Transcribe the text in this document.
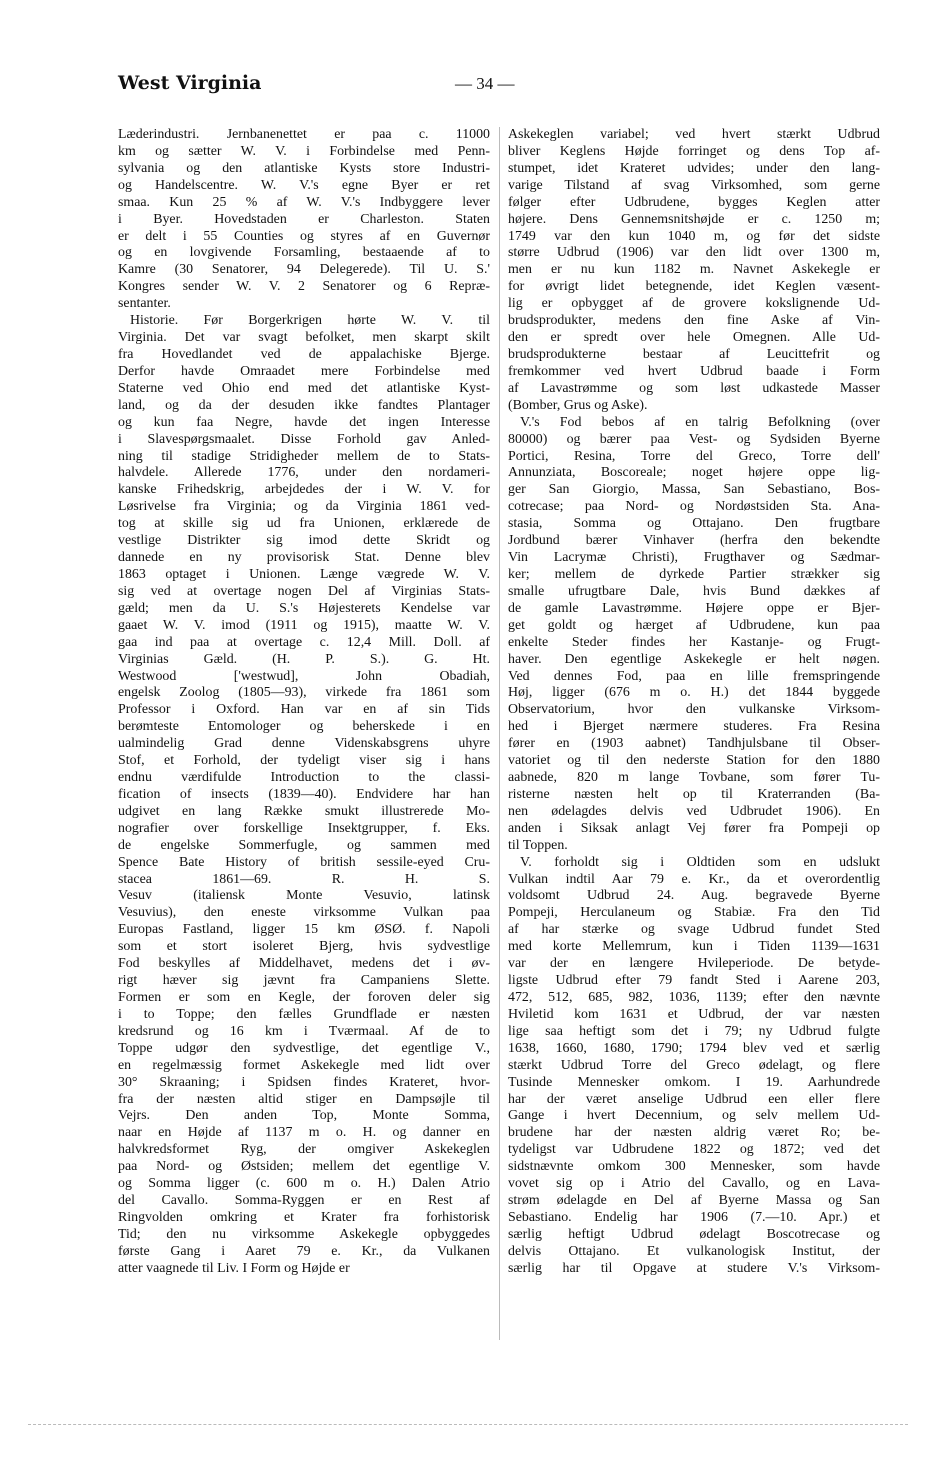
West Virginia	— 34 —
Læderindustri. Jernbanenettet er paa c. 11000
km og sætter W. V. i Forbindelse med Penn-
sylvania og den atlantiske Kysts store Industri-
og Handelscentre. W. V.'s egne Byer er ret
smaa. Kun 25 % af W. V.'s Indbyggere lever
i Byer. Hovedstaden er Charleston. Staten
er delt i 55 Counties og styres af en Guvernør
og en lovgivende Forsamling, bestaaende af to
Kamre (30 Senatorer, 94 Delegerede). Til U. S.'
Kongres sender W. V. 2 Senatorer og 6 Repræ-
sentanter.
Historie. Før Borgerkrigen hørte W. V. til
Virginia. Det var svagt befolket, men skarpt skilt
fra Hovedlandet ved de appalachiske Bjerge.
Derfor havde Omraadet mere Forbindelse med
Staterne ved Ohio end med det atlantiske Kyst-
land, og da der desuden ikke fandtes Plantager
og kun faa Negre, havde det ingen Interesse
i Slavespørgsmaalet. Disse Forhold gav Anled-
ning til stadige Stridigheder mellem de to Stats-
halvdele. Allerede 1776, under den nordameri-
kanske Frihedskrig, arbejdedes der i W. V. for
Løsrivelse fra Virginia; og da Virginia 1861 ved-
tog at skille sig ud fra Unionen, erklærede de
vestlige Distrikter sig imod dette Skridt og
dannede en ny provisorisk Stat. Denne blev
1863 optaget i Unionen. Længe vægrede W. V.
sig ved at overtage nogen Del af Virginias Stats-
gæld; men da U. S.'s Højesterets Kendelse var
gaaet W. V. imod (1911 og 1915), maatte W. V.
gaa ind paa at overtage c. 12,4 Mill. Doll. af
Virginias Gæld. (H. P. S.). G. Ht.
Westwood ['westwud], John Obadiah,
engelsk Zoolog (1805—93), virkede fra 1861 som
Professor i Oxford. Han var en af sin Tids
berømteste Entomologer og beherskede i en
ualmindelig Grad denne Videnskabsgrens uhyre
Stof, et Forhold, der tydeligt viser sig i hans
endnu værdifulde Introduction to the classi-
fication of insects (1839—40). Endvidere har han
udgivet en lang Række smukt illustrerede Mo-
nografier over forskellige Insektgrupper, f. Eks.
de engelske Sommerfugle, og sammen med
Spence Bate History of british sessile-eyed Cru-
stacea 1861—69. R. H. S.
Vesuv (italiensk Monte Vesuvio, latinsk
Vesuvius), den eneste virksomme Vulkan paa
Europas Fastland, ligger 15 km ØSØ. f. Napoli
som et stort isoleret Bjerg, hvis sydvestlige
Fod beskylles af Middelhavet, medens det i øv-
rigt hæver sig jævnt fra Campaniens Slette.
Formen er som en Kegle, der foroven deler sig
i to Toppe; den fælles Grundflade er næsten
kredsrund og 16 km i Tværmaal. Af de to
Toppe udgør den sydvestlige, det egentlige V.,
en regelmæssig formet Askekegle med lidt over
30° Skraaning; i Spidsen findes Krateret, hvor-
fra der næsten altid stiger en Dampsøjle til
Vejrs. Den anden Top, Monte Somma,
naar en Højde af 1137 m o. H. og danner en
halvkredsformet Ryg, der omgiver Askekeglen
paa Nord- og Østsiden; mellem det egentlige V.
og Somma ligger (c. 600 m o. H.) Dalen Atrio
del Cavallo. Somma-Ryggen er en Rest af
Ringvolden omkring et Krater fra forhistorisk
Tid; den nu virksomme Askekegle opbyggedes
første Gang i Aaret 79 e. Kr., da Vulkanen
atter vaagnede til Liv. I Form og Højde er
Askekeglen variabel; ved hvert stærkt Udbrud
bliver Keglens Højde forringet og dens Top af-
stumpet, idet Krateret udvides; under den lang-
varige Tilstand af svag Virksomhed, som gerne
følger efter Udbrudene, bygges Keglen atter
højere. Dens Gennemsnitshøjde er c. 1250 m;
1749 var den kun 1040 m, og før det sidste
større Udbrud (1906) var den lidt over 1300 m,
men er nu kun 1182 m. Navnet Askekegle er
for øvrigt lidet betegnende, idet Keglen væsent-
lig er opbygget af de grovere kokslignende Ud-
brudsprodukter, medens den fine Aske af Vin-
den er spredt over hele Omegnen. Alle Ud-
brudsprodukterne bestaar af Leucittefrit og
fremkommer ved hvert Udbrud baade i Form
af Lavastrømme og som løst udkastede Masser
(Bomber, Grus og Aske).
V.'s Fod bebos af en talrig Befolkning (over
80000) og bærer paa Vest- og Sydsiden Byerne
Portici, Resina, Torre del Greco, Torre dell'
Annunziata, Boscoreale; noget højere oppe lig-
ger San Giorgio, Massa, San Sebastiano, Bos-
cotrecase; paa Nord- og Nordøstsiden Sta. Ana-
stasia, Somma og Ottajano. Den frugtbare
Jordbund bærer Vinhaver (herfra den bekendte
Vin Lacrymæ Christi), Frugthaver og Sædmar-
ker; mellem de dyrkede Partier strækker sig
smalle ufrugtbare Dale, hvis Bund dækkes af
de gamle Lavastrømme. Højere oppe er Bjer-
get goldt og hærget af Udbrudene, kun paa
enkelte Steder findes her Kastanje- og Frugt-
haver. Den egentlige Askekegle er helt nøgen.
Ved dennes Fod, paa en lille fremspringende
Høj, ligger (676 m o. H.) det 1844 byggede
Observatorium, hvor den vulkanske Virksom-
hed i Bjerget nærmere studeres. Fra Resina
fører en (1903 aabnet) Tandhjulsbane til Obser-
vatoriet og til den nederste Station for den 1880
aabnede, 820 m lange Tovbane, som fører Tu-
risterne næsten helt op til Kraterranden (Ba-
nen ødelagdes delvis ved Udbrudet 1906). En
anden i Siksak anlagt Vej fører fra Pompeji op
til Toppen.
V. forholdt sig i Oldtiden som en udslukt
Vulkan indtil Aar 79 e. Kr., da et overordentlig
voldsomt Udbrud 24. Aug. begravede Byerne
Pompeji, Herculaneum og Stabiæ. Fra den Tid
af har stærke og svage Udbrud fundet Sted
med korte Mellemrum, kun i Tiden 1139—1631
var der en længere Hvileperiode. De betyde-
ligste Udbrud efter 79 fandt Sted i Aarene 203,
472, 512, 685, 982, 1036, 1139; efter den nævnte
Hviletid kom 1631 et Udbrud, der var næsten
lige saa heftigt som det i 79; ny Udbrud fulgte
1638, 1660, 1680, 1790; 1794 blev ved et særlig
stærkt Udbrud Torre del Greco ødelagt, og flere
Tusinde Mennesker omkom. I 19. Aarhundrede
har der været anselige Udbrud een eller flere
Gange i hvert Decennium, og selv mellem Ud-
brudene har der næsten aldrig været Ro; be-
tydeligst var Udbrudene 1822 og 1872; ved det
sidstnævnte omkom 300 Mennesker, som havde
vovet sig op i Atrio del Cavallo, og en Lava-
strøm ødelagde en Del af Byerne Massa og San
Sebastiano. Endelig har 1906 (7.—10. Apr.) et
særlig heftigt Udbrud ødelagt Boscotrecase og
delvis Ottajano. Et vulkanologisk Institut, der
særlig har til Opgave at studere V.'s Virksom-
